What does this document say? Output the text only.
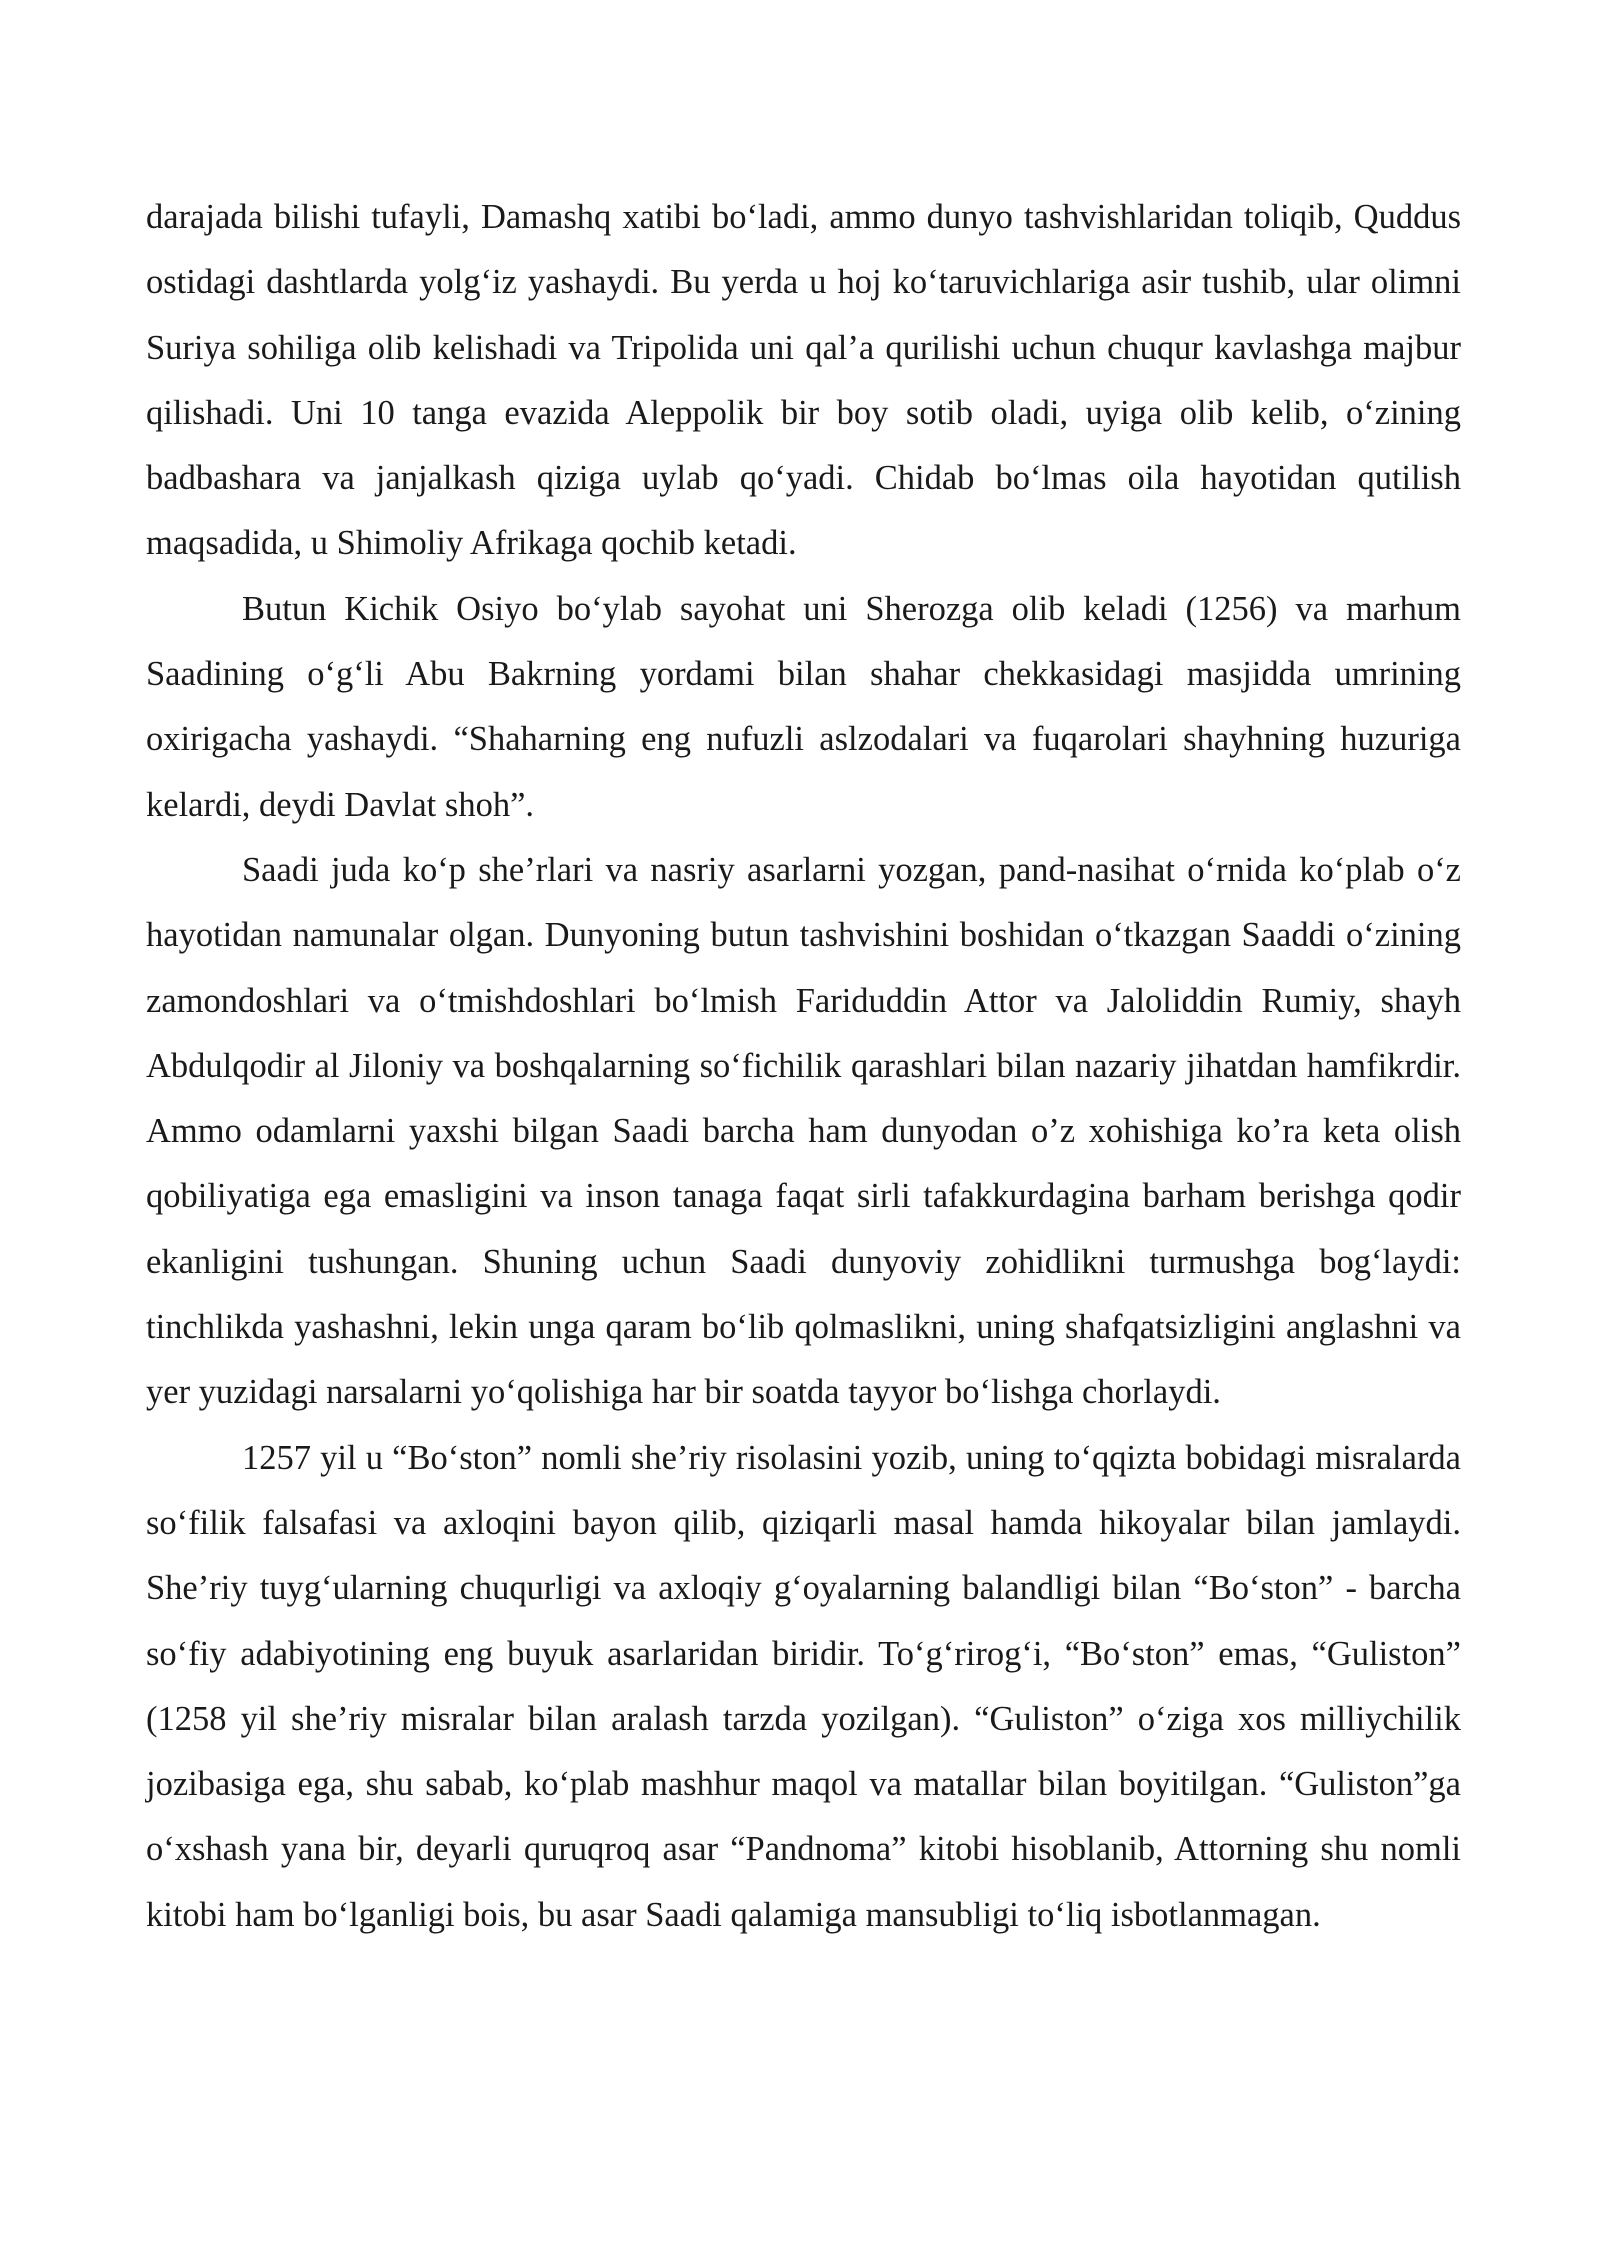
darajada bilishi tufayli, Damashq xatibi bo‘ladi, ammo dunyo tashvishlaridan toliqib, Quddus ostidagi dashtlarda yolg‘iz yashaydi. Bu yerda u hoj ko‘taruvichlariga asir tushib, ular olimni Suriya sohiliga olib kelishadi va Tripolida uni qal’a qurilishi uchun chuqur kavlashga majbur qilishadi. Uni 10 tanga evazida Aleppolik bir boy sotib oladi, uyiga olib kelib, o‘zining badbashara va janjalkash qiziga uylab qo‘yadi. Chidab bo‘lmas oila hayotidan qutilish maqsadida, u Shimoliy Afrikaga qochib ketadi.

Butun Kichik Osiyo bo‘ylab sayohat uni Sherozga olib keladi (1256) va marhum Saadining o‘g‘li Abu Bakrning yordami bilan shahar chekkasidagi masjidda umrining oxirigacha yashaydi. “Shaharning eng nufuzli aslzodalari va fuqarolari shayhning huzuriga kelardi, deydi Davlat shoh”.

Saadi juda ko‘p she’rlari va nasriy asarlarni yozgan, pand-nasihat o‘rnida ko‘plab o‘z hayotidan namunalar olgan. Dunyoning butun tashvishini boshidan o‘tkazgan Saaddi o‘zining zamondoshlari va o‘tmishdoshlari bo‘lmish Fariduddin Attor va Jaloliddin Rumiy, shayh Abdulqodir al Jiloniy va boshqalarning so‘fichilik qarashlari bilan nazariy jihatdan hamfikrdir. Ammo odamlarni yaxshi bilgan Saadi barcha ham dunyodan o’z xohishiga ko’ra keta olish qobiliyatiga ega emasligini va inson tanaga faqat sirli tafakkurdagina barham berishga qodir ekanligini tushungan. Shuning uchun Saadi dunyoviy zohidlikni turmushga bog‘laydi: tinchlikda yashashni, lekin unga qaram bo‘lib qolmaslikni, uning shafqatsizligini anglashni va yer yuzidagi narsalarni yo‘qolishiga har bir soatda tayyor bo‘lishga chorlaydi.

1257 yil u “Bo‘ston” nomli she’riy risolasini yozib, uning to‘qqizta bobidagi misralarda so‘filik falsafasi va axloqini bayon qilib, qiziqarli masal hamda hikoyalar bilan jamlaydi. She’riy tuyg‘ularning chuqurligi va axloqiy g‘oyalarning balandligi bilan “Bo‘ston” - barcha so‘fiy adabiyotining eng buyuk asarlaridan biridir. To‘g‘rirog‘i, “Bo‘ston” emas, “Guliston” (1258 yil she’riy misralar bilan aralash tarzda yozilgan). “Guliston” o‘ziga xos milliychilik jozibasiga ega, shu sabab, ko‘plab mashhur maqol va matallar bilan boyitilgan. “Guliston”ga o‘xshash yana bir, deyarli quruqroq asar “Pandnoma” kitobi hisoblanib, Attorning shu nomli kitobi ham bo‘lganligi bois, bu asar Saadi qalamiga mansubligi to‘liq isbotlanmagan.
